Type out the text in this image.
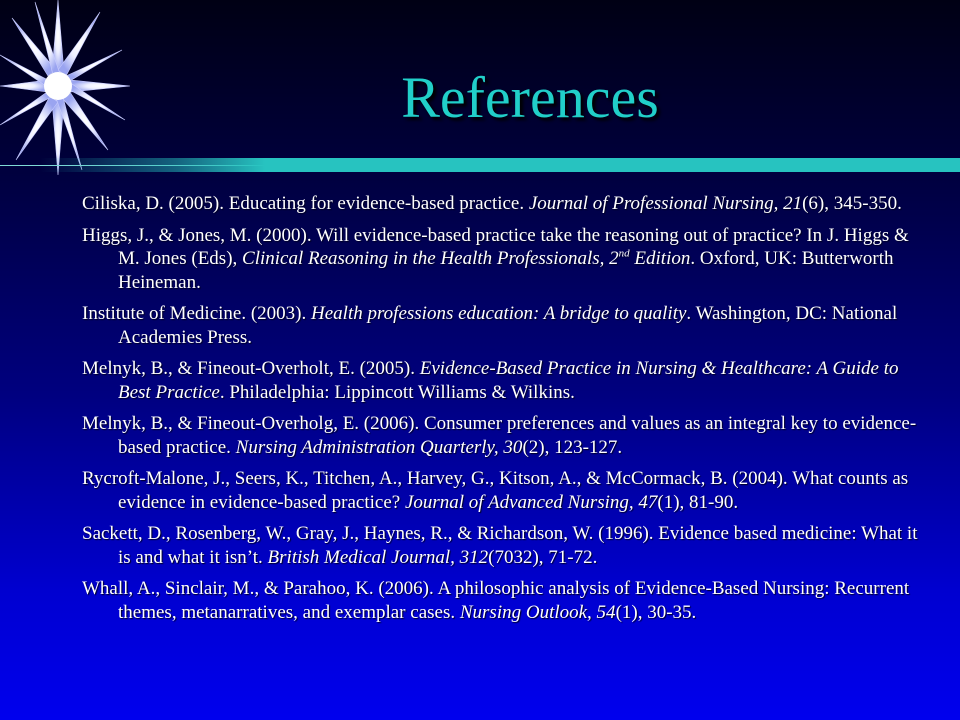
References

Ciliska, D. (2005). Educating for evidence-based practice. Journal of Professional Nursing, 21(6), 345-350.

Higgs, J., & Jones, M. (2000). Will evidence-based practice take the reasoning out of practice? In J. Higgs & M. Jones (Eds), Clinical Reasoning in the Health Professionals, 2nd Edition. Oxford, UK: Butterworth Heineman.

Institute of Medicine. (2003). Health professions education: A bridge to quality. Washington, DC: National Academies Press.

Melnyk, B., & Fineout-Overholt, E. (2005). Evidence-Based Practice in Nursing & Healthcare: A Guide to Best Practice. Philadelphia: Lippincott Williams & Wilkins.

Melnyk, B., & Fineout-Overholg, E. (2006). Consumer preferences and values as an integral key to evidence-based practice. Nursing Administration Quarterly, 30(2), 123-127.

Rycroft-Malone, J., Seers, K., Titchen, A., Harvey, G., Kitson, A., & McCormack, B. (2004). What counts as evidence in evidence-based practice? Journal of Advanced Nursing, 47(1), 81-90.

Sackett, D., Rosenberg, W., Gray, J., Haynes, R., & Richardson, W. (1996). Evidence based medicine: What it is and what it isn’t. British Medical Journal, 312(7032), 71-72.

Whall, A., Sinclair, M., & Parahoo, K. (2006). A philosophic analysis of Evidence-Based Nursing: Recurrent themes, metanarratives, and exemplar cases. Nursing Outlook, 54(1), 30-35.
